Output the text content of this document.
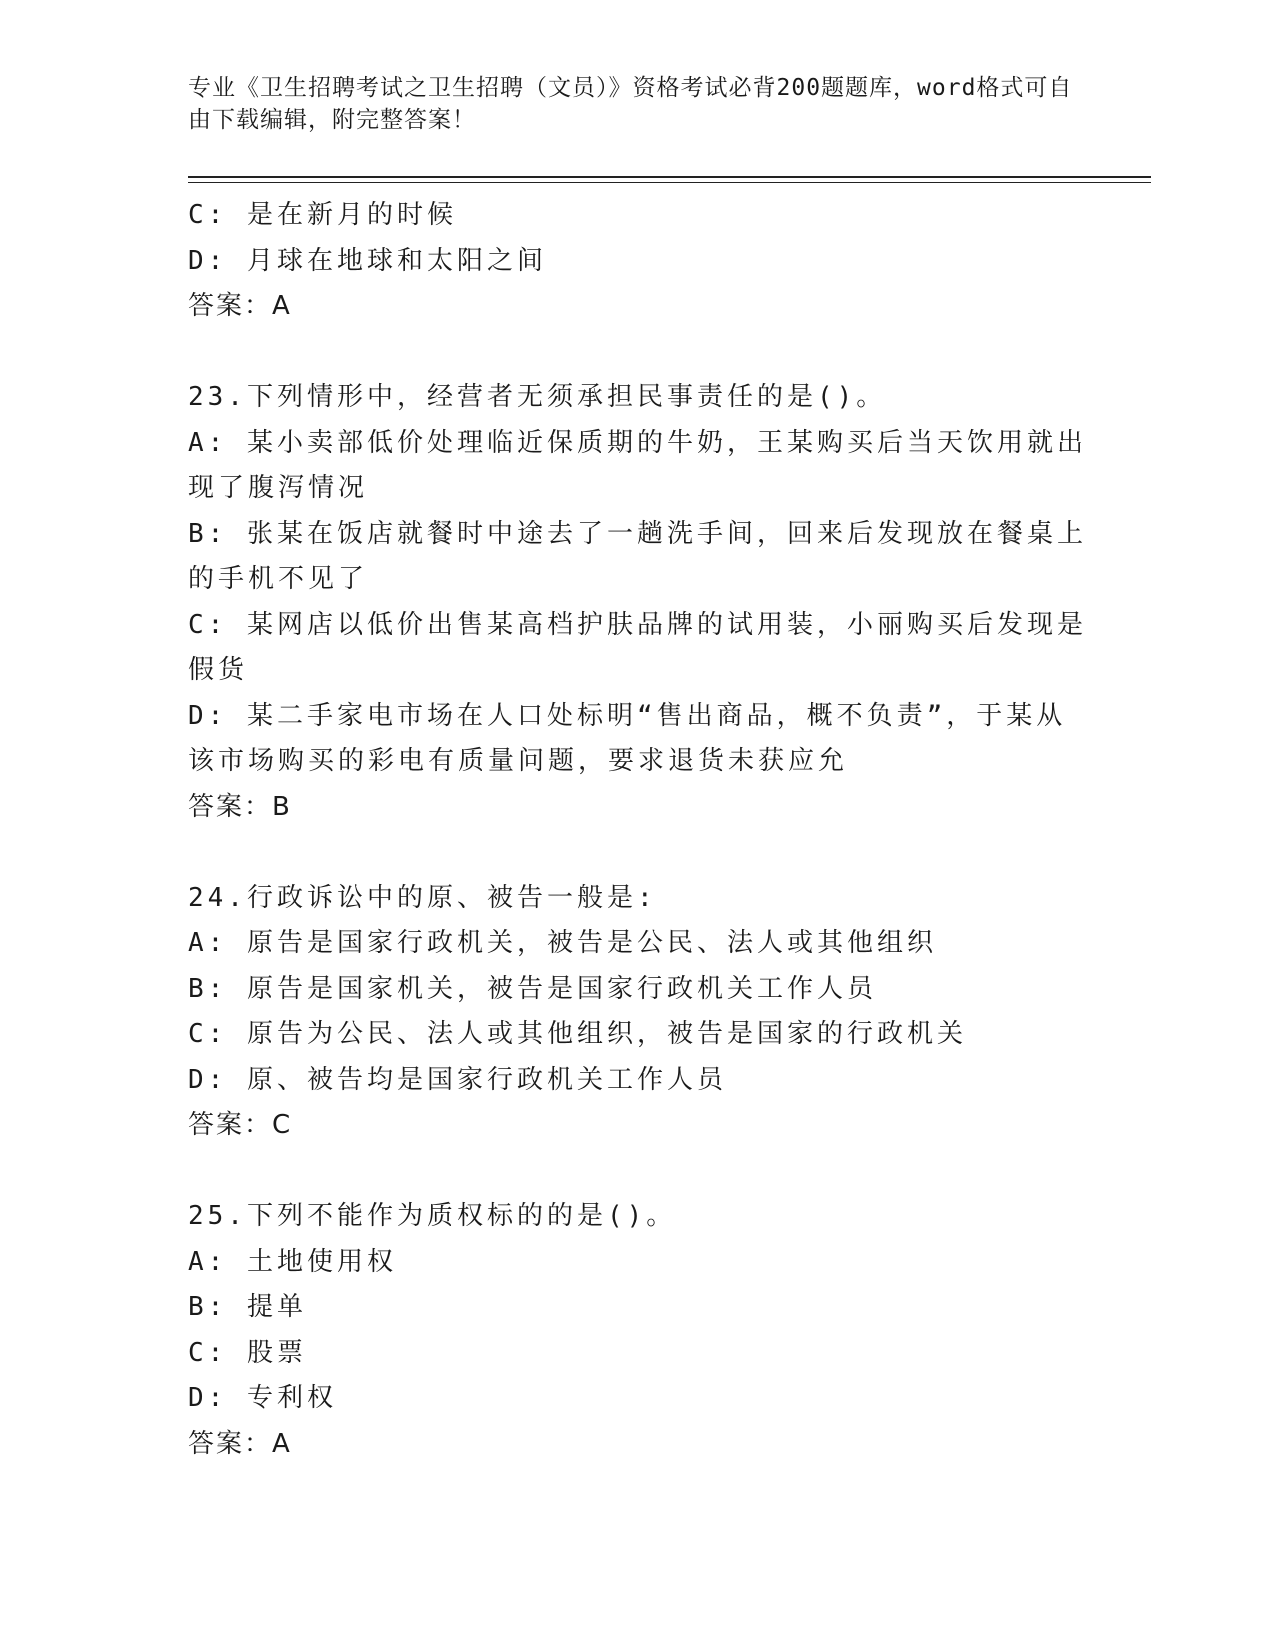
专业《卫生招聘考试之卫生招聘（文员）》资格考试必背200题题库，word格式可自由下载编辑，附完整答案！

C: 是在新月的时候

D: 月球在地球和太阳之间

答案：A

23.下列情形中，经营者无须承担民事责任的是()。

A: 某小卖部低价处理临近保质期的牛奶，王某购买后当天饮用就出现了腹泻情况

B: 张某在饭店就餐时中途去了一趟洗手间，回来后发现放在餐桌上的手机不见了

C: 某网店以低价出售某高档护肤品牌的试用装，小丽购买后发现是假货

D: 某二手家电市场在人口处标明“售出商品，概不负责”，于某从该市场购买的彩电有质量问题，要求退货未获应允

答案：B

24.行政诉讼中的原、被告一般是:

A: 原告是国家行政机关，被告是公民、法人或其他组织

B: 原告是国家机关，被告是国家行政机关工作人员

C: 原告为公民、法人或其他组织，被告是国家的行政机关

D: 原、被告均是国家行政机关工作人员

答案：C

25.下列不能作为质权标的的是()。

A: 土地使用权

B: 提单

C: 股票

D: 专利权

答案：A
